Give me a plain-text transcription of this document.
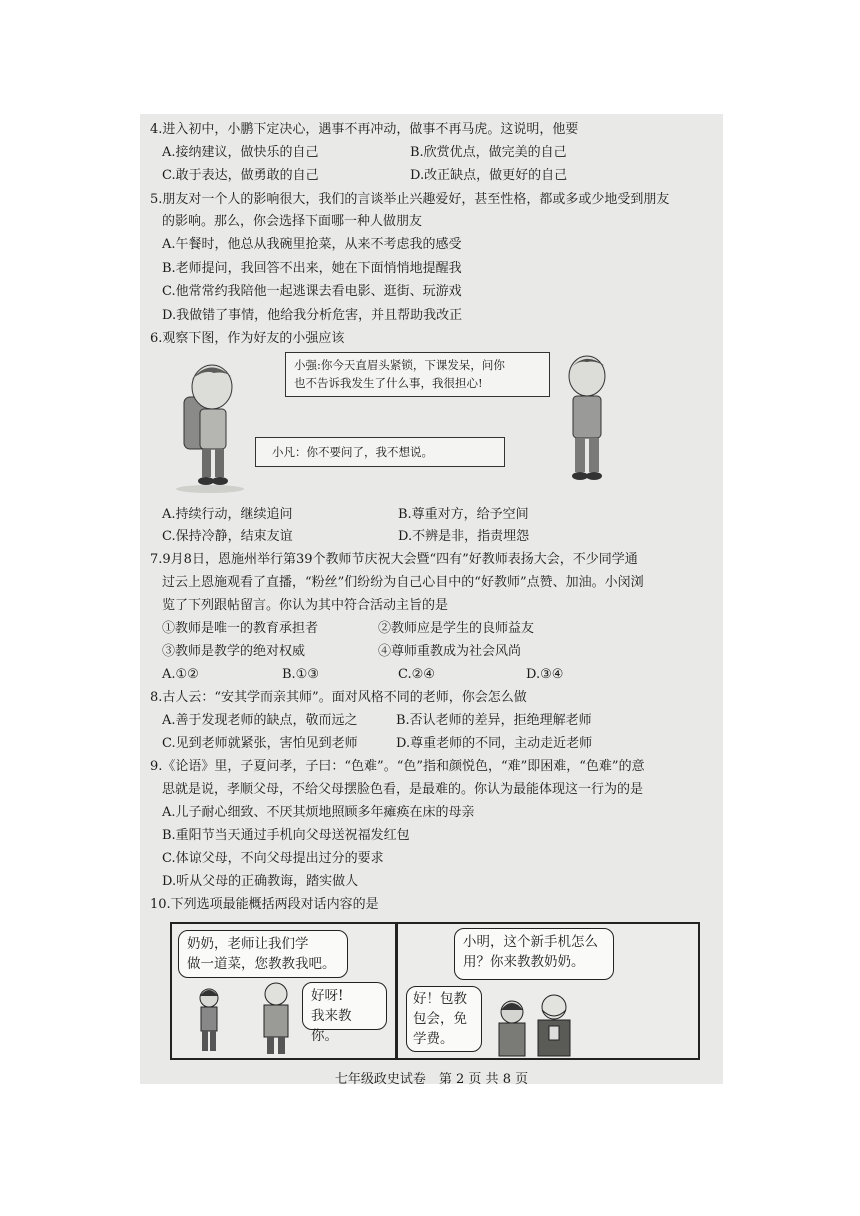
4.进入初中，小鹏下定决心，遇事不再冲动，做事不再马虎。这说明，他要
A.接纳建议，做快乐的自己	B.欣赏优点，做完美的自己
C.敢于表达，做勇敢的自己	D.改正缺点，做更好的自己
5.朋友对一个人的影响很大，我们的言谈举止兴趣爱好，甚至性格，都或多或少地受到朋友
的影响。那么，你会选择下面哪一种人做朋友
A.午餐时，他总从我碗里抢菜，从来不考虑我的感受
B.老师提问，我回答不出来，她在下面悄悄地提醒我
C.他常常约我陪他一起逃课去看电影、逛街、玩游戏
D.我做错了事情，他给我分析危害，并且帮助我改正
6.观察下图，作为好友的小强应该
小强:你今天直眉头紧锁，下课发呆，问你
也不告诉我发生了什么事，我很担心!
小凡：你不要问了，我不想说。
A.持续行动，继续追问	B.尊重对方，给予空间
C.保持冷静，结束友谊	D.不辨是非，指责埋怨
7.9月8日，恩施州举行第39个教师节庆祝大会暨“四有”好教师表扬大会，不少同学通
过云上恩施观看了直播，“粉丝”们纷纷为自己心目中的“好教师”点赞、加油。小闵浏
览了下列跟帖留言。你认为其中符合活动主旨的是
①教师是唯一的教育承担者	②教师应是学生的良师益友
③教师是教学的绝对权威	④尊师重教成为社会风尚
A.①②	B.①③	C.②④	D.③④
8.古人云：“安其学而亲其师”。面对风格不同的老师，你会怎么做
A.善于发现老师的缺点，敬而远之	B.否认老师的差异，拒绝理解老师
C.见到老师就紧张，害怕见到老师	D.尊重老师的不同，主动走近老师
9.《论语》里，子夏问孝，子曰：“色难”。“色”指和颜悦色，“难”即困难，“色难”的意
思就是说，孝顺父母，不给父母摆脸色看，是最难的。你认为最能体现这一行为的是
A.儿子耐心细致、不厌其烦地照顾多年瘫痪在床的母亲
B.重阳节当天通过手机向父母送祝福发红包
C.体谅父母，不向父母提出过分的要求
D.听从父母的正确教诲，踏实做人
10.下列选项最能概括两段对话内容的是
奶奶，老师让我们学
做一道菜，您教教我吧。
好呀!
我来教你。
小明，这个新手机怎么
用？你来教教奶奶。
好！包教
包会，免
学费。
七年级政史试卷　第 2 页 共 8 页
